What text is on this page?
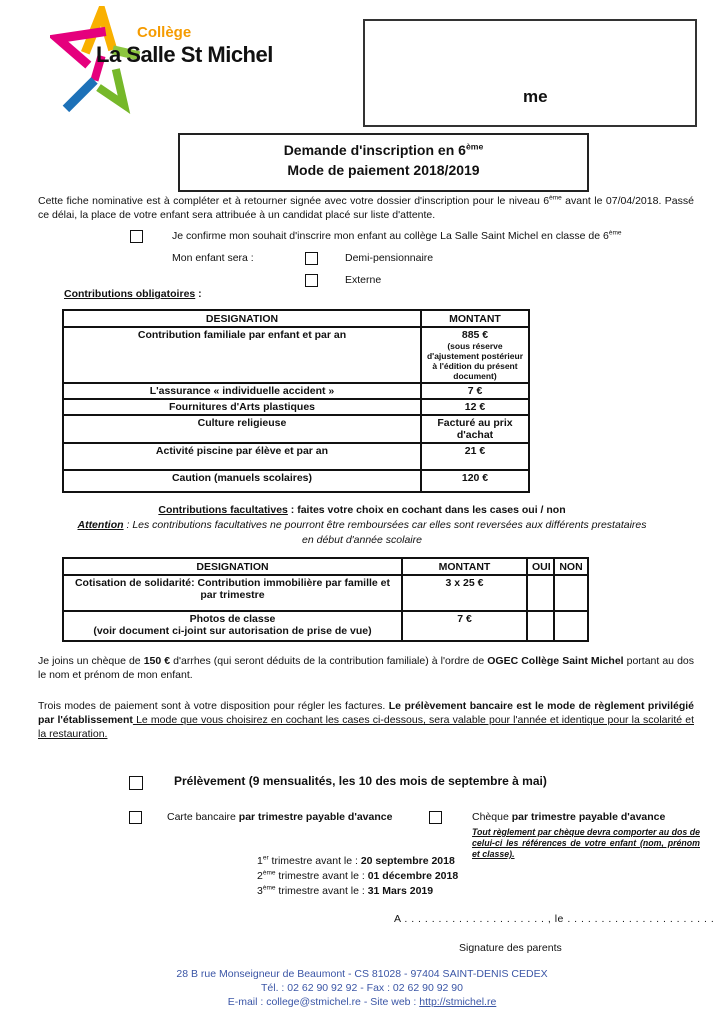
Collège
La Salle St Michel
me
Demande d'inscription en 6ème
Mode de paiement 2018/2019
Cette fiche nominative est à compléter et à retourner signée avec votre dossier d'inscription pour le niveau 6ème avant le 07/04/2018. Passé ce délai, la place de votre enfant sera attribuée à un candidat placé sur liste d'attente.
Je confirme mon souhait d'inscrire mon enfant au collège La Salle Saint Michel en classe de 6ème
Mon enfant sera :	Demi-pensionnaire
Externe
Contributions obligatoires :
DESIGNATION	MONTANT
Contribution familiale par enfant et par an	885 €
(sous réserve d'ajustement postérieur à l'édition du présent document)

L'assurance « individuelle accident »	7 €
Fournitures d'Arts plastiques	12 €
Culture religieuse	Facturé au prix d'achat
Activité piscine par élève et par an	21 €
Caution (manuels scolaires)	120 €
Contributions facultatives : faites votre choix en cochant dans les cases oui / non
Attention : Les contributions facultatives ne pourront être remboursées car elles sont reversées aux différents prestataires
en début d'année scolaire
DESIGNATION	MONTANT	OUI	NON
Cotisation de solidarité: Contribution immobilière par famille et par trimestre	3 x 25 €		
Photos de classe
(voir document ci-joint sur autorisation de prise de vue)	7 €		
Je joins un chèque de 150 € d'arrhes (qui seront déduits de la contribution familiale) à l'ordre de OGEC Collège Saint Michel portant au dos le nom et prénom de mon enfant.
Trois modes de paiement sont à votre disposition pour régler les factures. Le prélèvement bancaire est le mode de règlement privilégié par l'établissement Le mode que vous choisirez en cochant les cases ci-dessous, sera valable pour l'année et identique pour la scolarité et la restauration.
Prélèvement (9 mensualités, les 10 des mois de septembre à mai)
Carte bancaire par trimestre payable d'avance	Chèque par trimestre payable d'avance
Tout règlement par chèque devra comporter au dos de celui-ci les références de votre enfant (nom, prénom et classe).
1er trimestre avant le : 20 septembre 2018
2ème trimestre avant le : 01 décembre 2018
3ème trimestre avant le : 31 Mars 2019
A . . . . . . . . . . . . . . . . . . . . . , le . . . . . . . . . . . . . . . . . . . . . .
Signature des parents
28 B rue Monseigneur de Beaumont - CS 81028 - 97404 SAINT-DENIS CEDEX
Tél. : 02 62 90 92 92 - Fax : 02 62 90 92 90
E-mail : college@stmichel.re - Site web : http://stmichel.re
